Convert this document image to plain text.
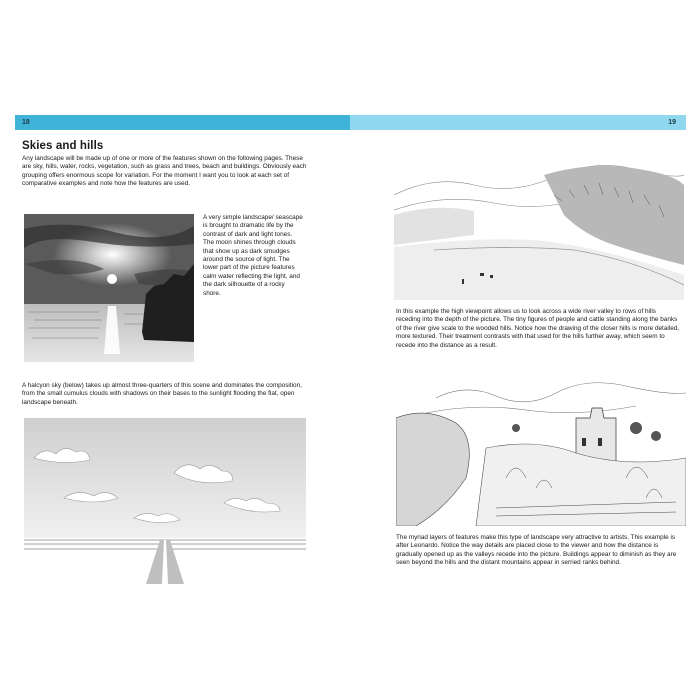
18	19
Skies and hills
Any landscape will be made up of one or more of the features shown on the following pages. These are sky, hills, water, rocks, vegetation, such as grass and trees, beach and buildings. Obviously each grouping offers enormous scope for variation. For the moment I want you to look at each set of comparative examples and note how the features are used.
A very simple landscape/ seascape is brought to dramatic life by the contrast of dark and light tones. The moon shines through clouds that show up as dark smudges around the source of light. The lower part of the picture features calm water reflecting the light, and the dark silhouette of a rocky shore.
A halcyon sky (below) takes up almost three-quarters of this scene and dominates the composition, from the small cumulus clouds with shadows on their bases to the sunlight flooding the flat, open landscape beneath.
In this example the high viewpoint allows us to look across a wide river valley to rows of hills receding into the depth of the picture. The tiny figures of people and cattle standing along the banks of the river give scale to the wooded hills. Notice how the drawing of the closer hills is more detailed, more textured. Their treatment contrasts with that used for the hills further away, which seem to recede into the distance as a result.
The myriad layers of features make this type of landscape very attractive to artists. This example is after Leonardo. Notice the way details are placed close to the viewer and how the distance is gradually opened up as the valleys recede into the picture. Buildings appear to diminish as they are seen beyond the hills and the distant mountains appear in serried ranks behind.
